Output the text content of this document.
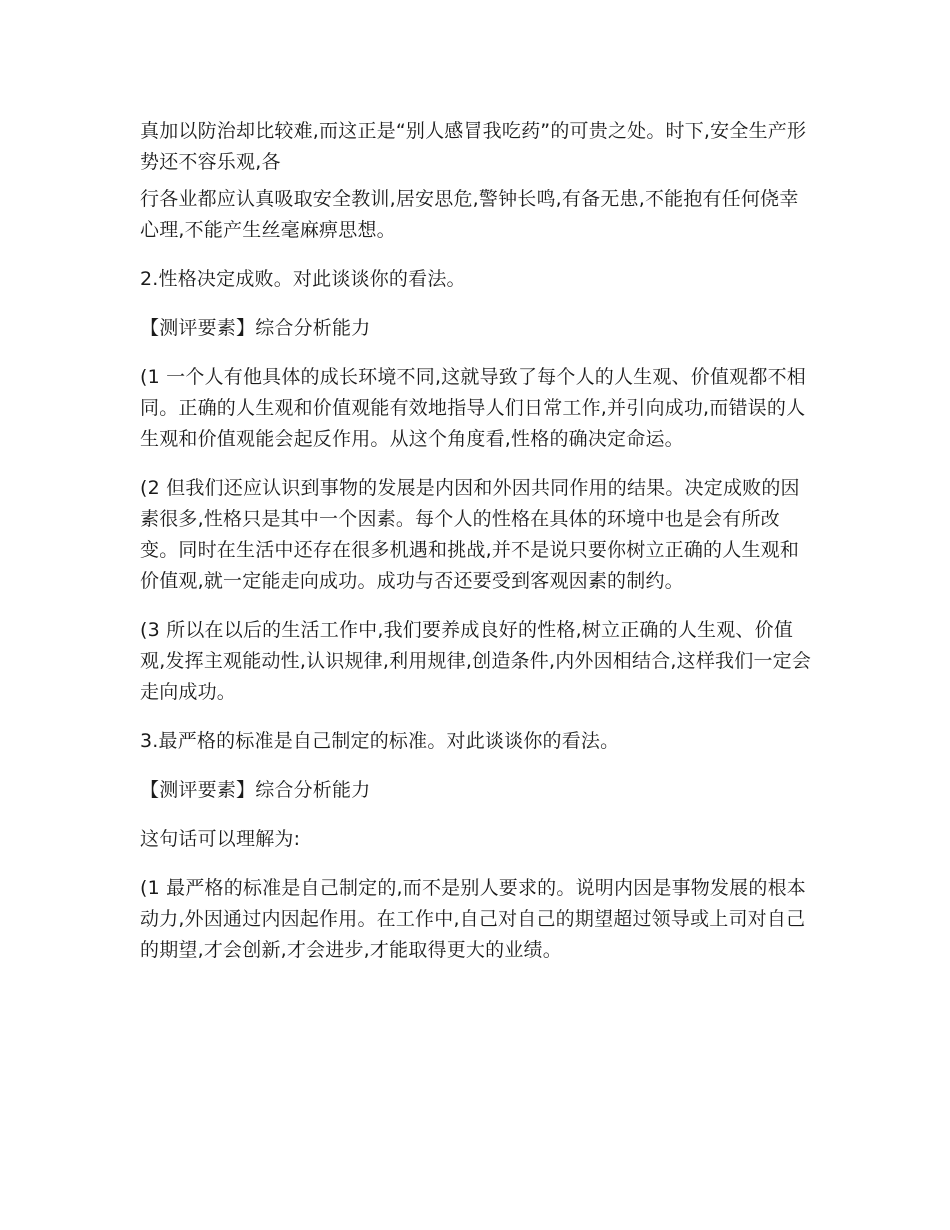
真加以防治却比较难,而这正是“别人感冒我吃药”的可贵之处。时下,安全生产形势还不容乐观,各

行各业都应认真吸取安全教训,居安思危,警钟长鸣,有备无患,不能抱有任何侥幸心理,不能产生丝毫麻痹思想。

2.性格决定成败。对此谈谈你的看法。

【测评要素】综合分析能力

(1 一个人有他具体的成长环境不同,这就导致了每个人的人生观、价值观都不相同。正确的人生观和价值观能有效地指导人们日常工作,并引向成功,而错误的人生观和价值观能会起反作用。从这个角度看,性格的确决定命运。

(2 但我们还应认识到事物的发展是内因和外因共同作用的结果。决定成败的因素很多,性格只是其中一个因素。每个人的性格在具体的环境中也是会有所改变。同时在生活中还存在很多机遇和挑战,并不是说只要你树立正确的人生观和价值观,就一定能走向成功。成功与否还要受到客观因素的制约。

(3 所以在以后的生活工作中,我们要养成良好的性格,树立正确的人生观、价值观,发挥主观能动性,认识规律,利用规律,创造条件,内外因相结合,这样我们一定会走向成功。

3.最严格的标准是自己制定的标准。对此谈谈你的看法。

【测评要素】综合分析能力

这句话可以理解为:

(1 最严格的标准是自己制定的,而不是别人要求的。说明内因是事物发展的根本动力,外因通过内因起作用。在工作中,自己对自己的期望超过领导或上司对自己的期望,才会创新,才会进步,才能取得更大的业绩。
